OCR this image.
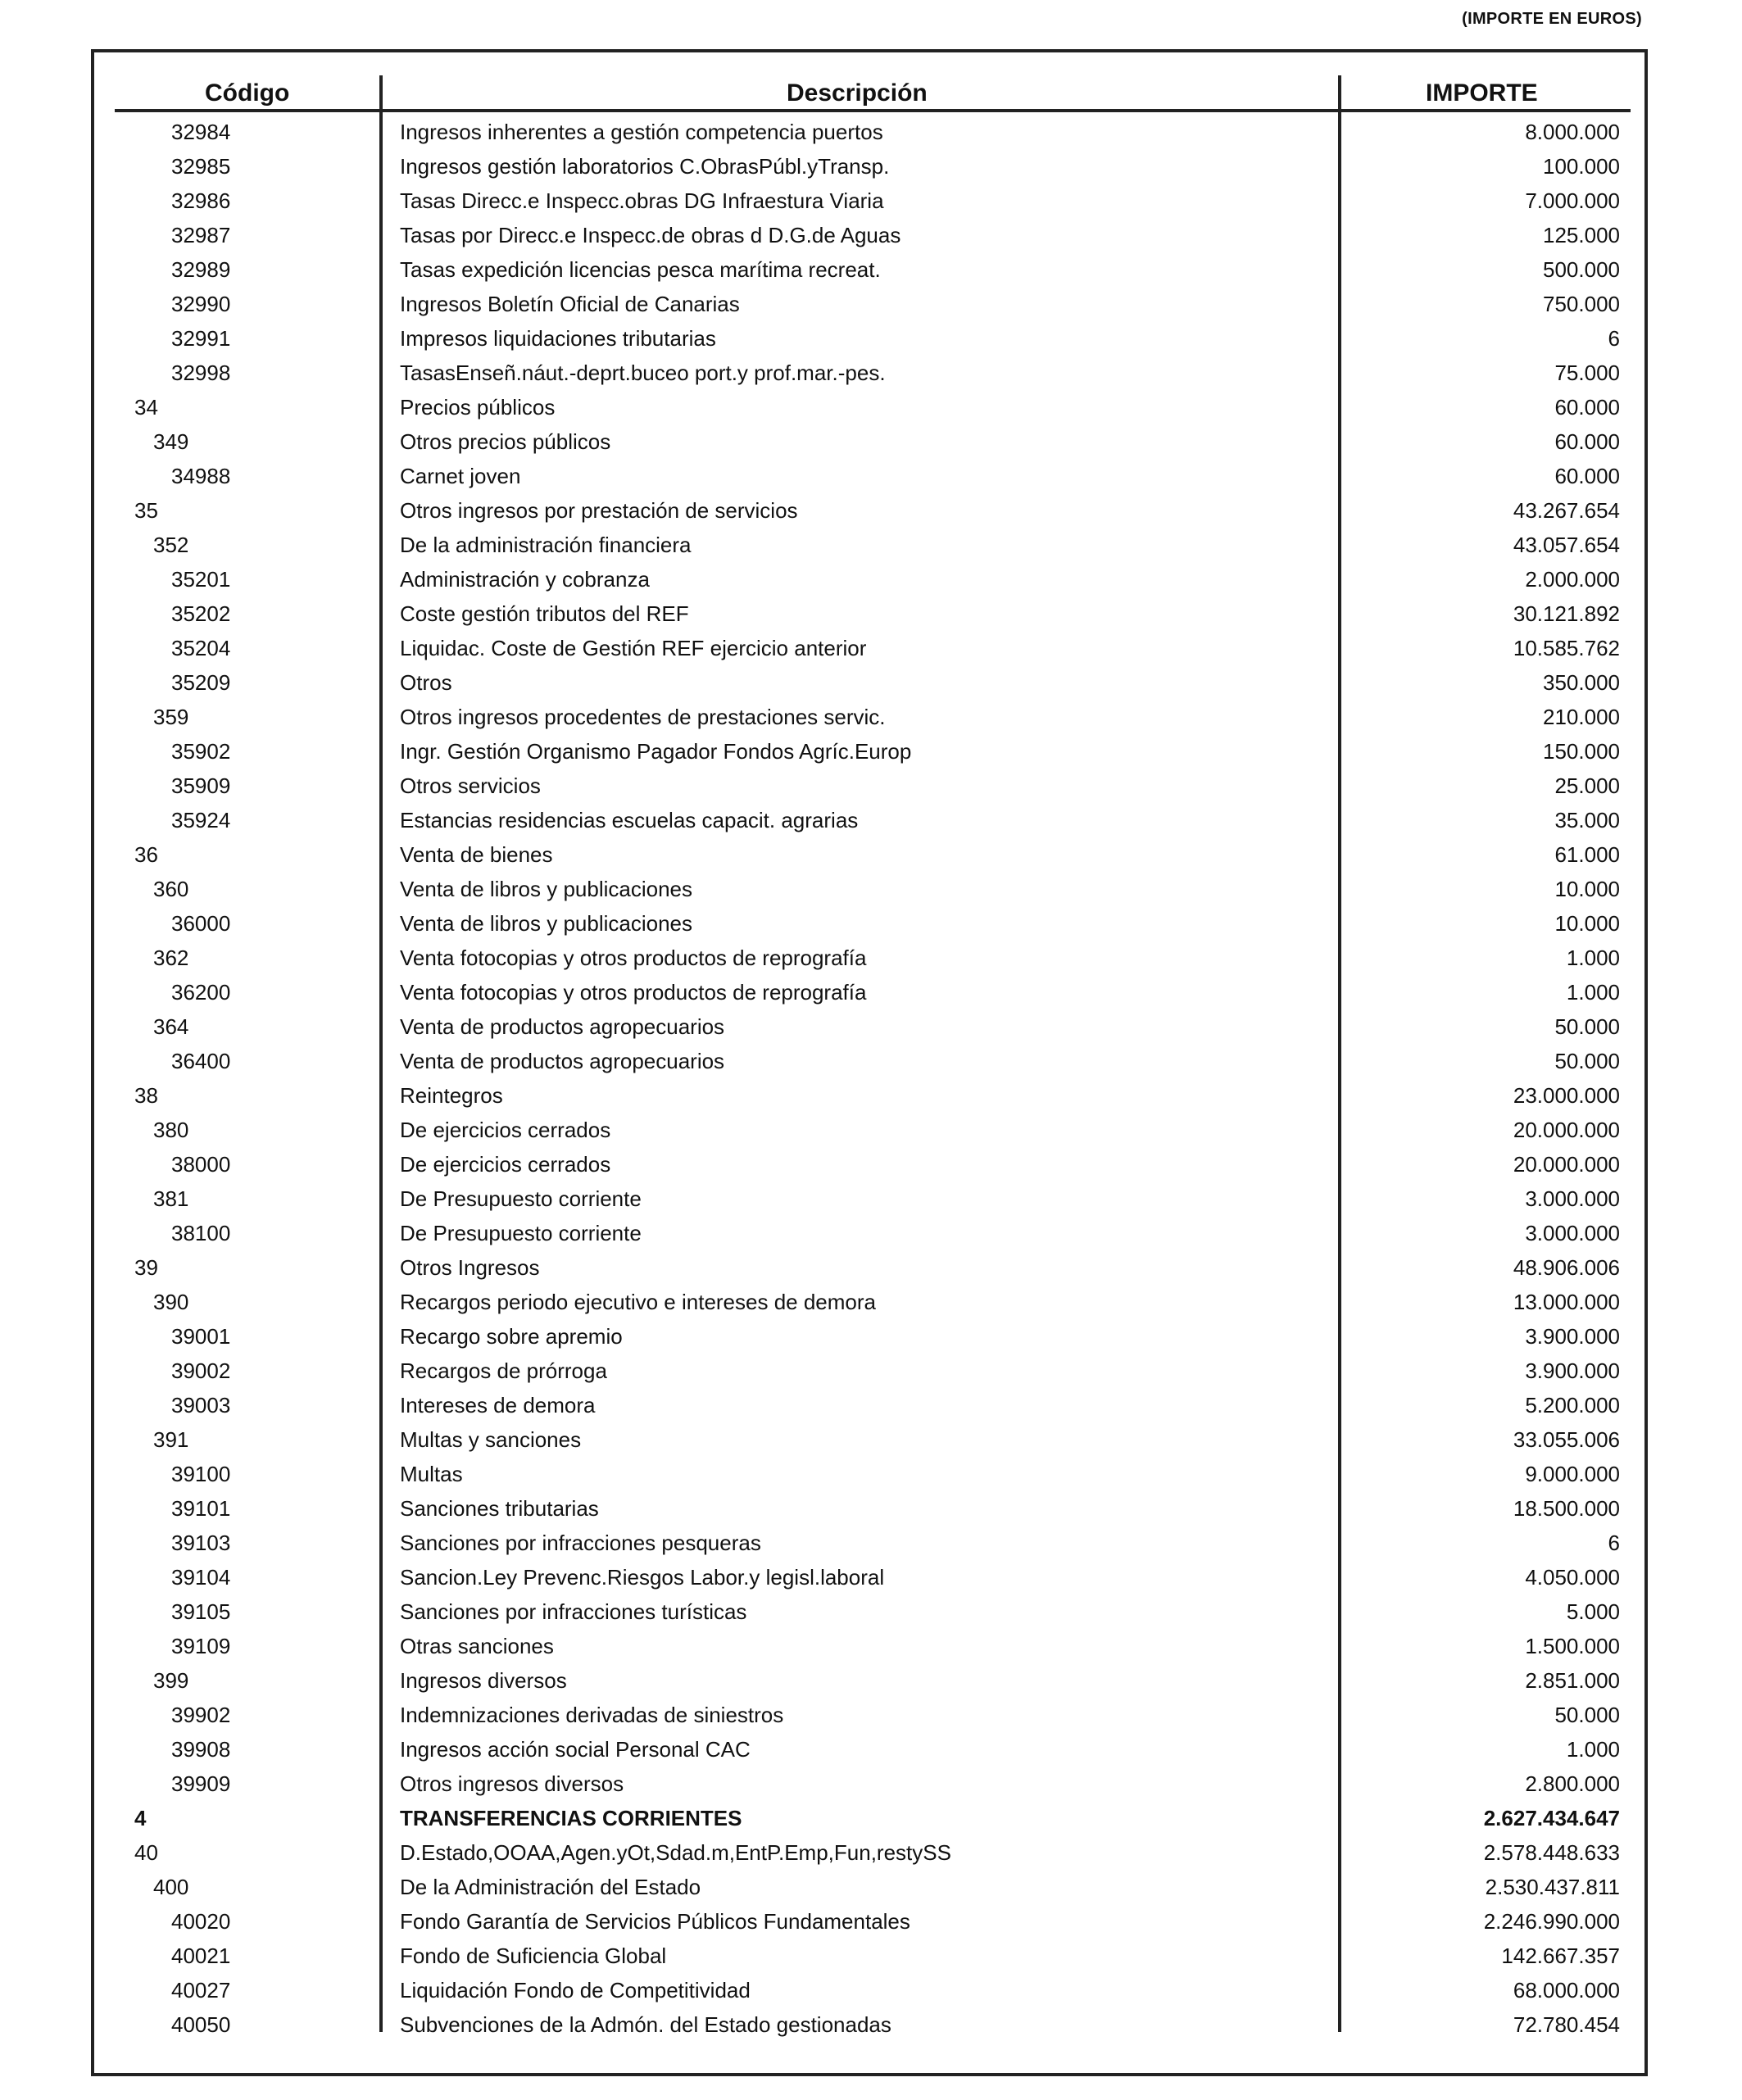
(IMPORTE EN EUROS)
Código	Descripción	IMPORTE
32984	Ingresos inherentes a gestión competencia puertos	8.000.000
32985	Ingresos gestión laboratorios C.ObrasPúbl.yTransp.	100.000
32986	Tasas Direcc.e Inspecc.obras DG Infraestura Viaria	7.000.000
32987	Tasas por Direcc.e Inspecc.de obras d D.G.de Aguas	125.000
32989	Tasas expedición licencias pesca marítima recreat.	500.000
32990	Ingresos Boletín Oficial de Canarias	750.000
32991	Impresos liquidaciones tributarias	6
32998	TasasEnseñ.náut.-deprt.buceo port.y prof.mar.-pes.	75.000
34	Precios públicos	60.000
349	Otros precios públicos	60.000
34988	Carnet joven	60.000
35	Otros ingresos por prestación de servicios	43.267.654
352	De la administración financiera	43.057.654
35201	Administración y cobranza	2.000.000
35202	Coste gestión tributos del REF	30.121.892
35204	Liquidac. Coste de Gestión REF ejercicio anterior	10.585.762
35209	Otros	350.000
359	Otros ingresos procedentes de prestaciones servic.	210.000
35902	Ingr. Gestión Organismo Pagador Fondos Agríc.Europ	150.000
35909	Otros servicios	25.000
35924	Estancias residencias escuelas capacit. agrarias	35.000
36	Venta de bienes	61.000
360	Venta de libros y publicaciones	10.000
36000	Venta de libros y publicaciones	10.000
362	Venta fotocopias y otros productos de reprografía	1.000
36200	Venta fotocopias y otros productos de reprografía	1.000
364	Venta de productos agropecuarios	50.000
36400	Venta de productos agropecuarios	50.000
38	Reintegros	23.000.000
380	De ejercicios cerrados	20.000.000
38000	De ejercicios cerrados	20.000.000
381	De Presupuesto corriente	3.000.000
38100	De Presupuesto corriente	3.000.000
39	Otros Ingresos	48.906.006
390	Recargos periodo ejecutivo e intereses de demora	13.000.000
39001	Recargo sobre apremio	3.900.000
39002	Recargos de prórroga	3.900.000
39003	Intereses de demora	5.200.000
391	Multas y sanciones	33.055.006
39100	Multas	9.000.000
39101	Sanciones tributarias	18.500.000
39103	Sanciones por infracciones pesqueras	6
39104	Sancion.Ley Prevenc.Riesgos Labor.y legisl.laboral	4.050.000
39105	Sanciones por infracciones turísticas	5.000
39109	Otras sanciones	1.500.000
399	Ingresos diversos	2.851.000
39902	Indemnizaciones derivadas de siniestros	50.000
39908	Ingresos acción social Personal CAC	1.000
39909	Otros ingresos diversos	2.800.000
4	TRANSFERENCIAS CORRIENTES	2.627.434.647
40	D.Estado,OOAA,Agen.yOt,Sdad.m,EntP.Emp,Fun,restySS	2.578.448.633
400	De la Administración del Estado	2.530.437.811
40020	Fondo Garantía de Servicios Públicos Fundamentales	2.246.990.000
40021	Fondo de Suficiencia Global	142.667.357
40027	Liquidación Fondo de Competitividad	68.000.000
40050	Subvenciones de la Admón. del Estado gestionadas	72.780.454
